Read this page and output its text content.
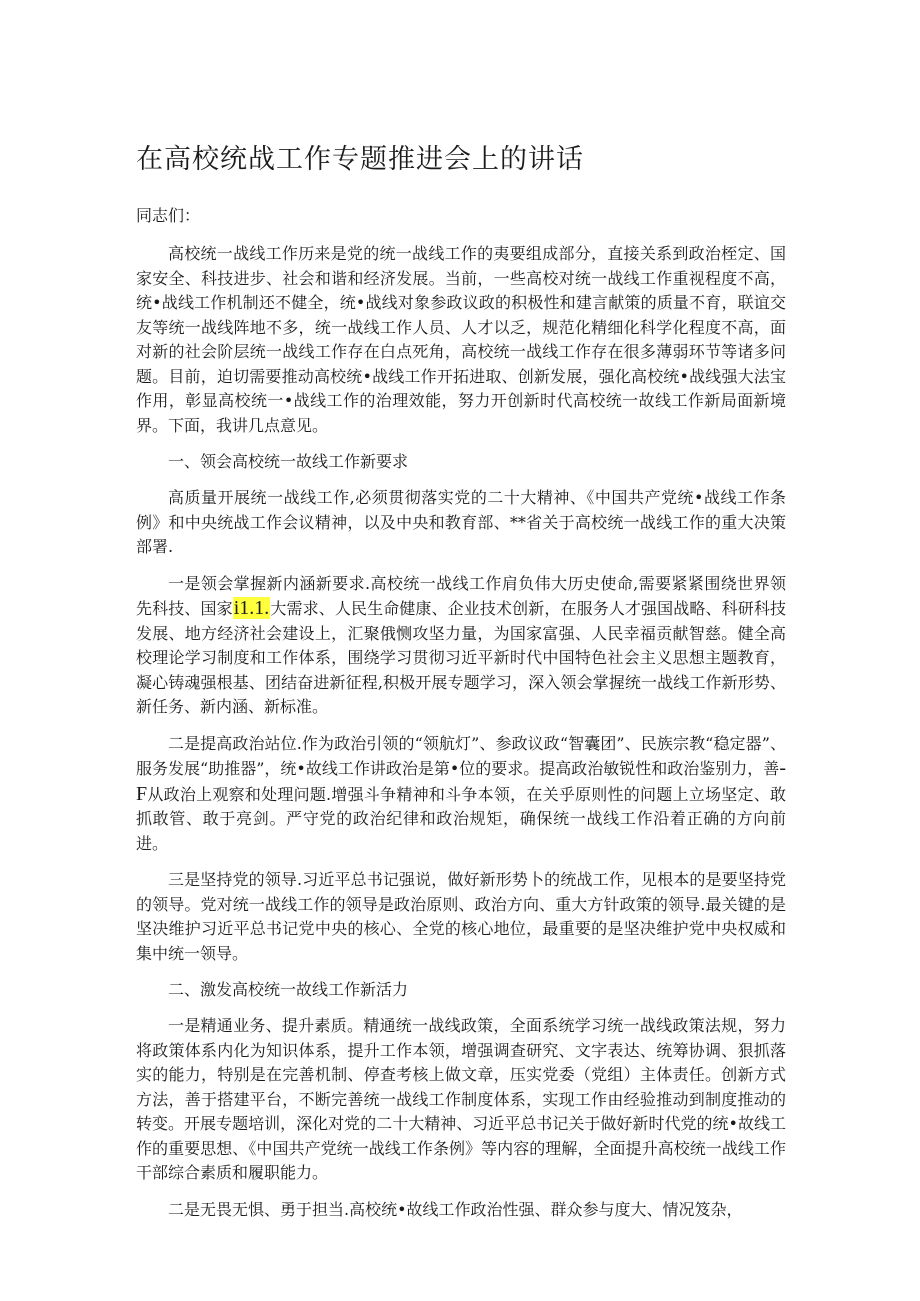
在高校统战工作专题推进会上的讲话

同志们：

高校统一战线工作历来是党的统一战线工作的夷要组成部分，直接关系到政治桎定、国家安全、科技进步、社会和谐和经济发展。当前，一些高校对统一战线工作重视程度不高，统•战线工作机制还不健全，统•战线对象参政议政的积极性和建言献策的质量不育，联谊交友等统一战线阵地不多，统一战线工作人员、人才以乏，规范化精细化科学化程度不高，面对新的社会阶层统一战线工作存在白点死角，高校统一战线工作存在很多薄弱环节等诸多问题。目前，迫切需要推动高校统•战线工作开拓进取、创新发展，强化高校统•战线强大法宝作用，彰显高校统一•战线工作的治理效能，努力开创新时代高校统一故线工作新局面新境界。下面，我讲几点意见。

一、领会高校统一故线工作新要求

高质量开展统一战线工作,必须贯彻落实党的二十大精神、《中国共产党统•战线工作条例》和中央统战工作会议精神，以及中央和教育部、**省关于高校统一战线工作的重大决策部署.

一是领会掌握新内涵新要求.高校统一战线工作肩负伟大历史使命,需要紧紧围绕世界领先科技、国家i1.1.大需求、人民生命健康、企业技术创新，在服务人才强国战略、科研科技发展、地方经济社会建设上，汇聚俄恻攻坚力量，为国家富强、人民幸福贡献智慈。健全高校理论学习制度和工作体系，围绕学习贯彻习近平新时代中国特色社会主义思想主题教育，凝心铸魂强根基、团结奋进新征程,积极开展专题学习，深入领会掌握统一战线工作新形势、新任务、新内涵、新标准。

二是提高政治站位.作为政治引领的“领航灯”、参政议政“智囊团”、民族宗教“稳定器”、服务发展“助推器”，统•故线工作讲政治是第•位的要求。提高政治敏锐性和政治鉴别力，善-F从政治上观察和处理问题.增强斗争精神和斗争本领，在关乎原则性的问题上立场坚定、敢抓敢管、敢于亮剑。严守党的政治纪律和政治规矩，确保统一战线工作沿着正确的方向前进。

三是坚持党的领导.习近平总书记强说，做好新形势卜的统战工作，见根本的是要坚持党的领导。党对统一战线工作的领导是政治原则、政治方向、重大方针政策的领导.最关键的是坚决维护习近平总书记党中央的核心、全党的核心地位，最重要的是坚决维护党中央权威和集中统一领导。

二、激发高校统一故线工作新活力

一是精通业务、提升素质。精通统一战线政策，全面系统学习统一战线政策法规，努力将政策体系内化为知识体系，提升工作本领，增强调查研究、文字表达、统筹协调、狠抓落实的能力，特别是在完善机制、停查考核上做文章，压实党委（党组）主体责任。创新方式方法，善于搭建平台，不断完善统一战线工作制度体系，实现工作由经验推动到制度推动的转变。开展专题培训，深化对党的二十大精神、习近平总书记关于做好新时代党的统•故线工作的重要思想、《中国共产党统一战线工作条例》等内容的理解，全面提升高校统一战线工作干部综合素质和履职能力。

二是无畏无惧、勇于担当.高校统•故线工作政治性强、群众参与度大、情况笈杂，
